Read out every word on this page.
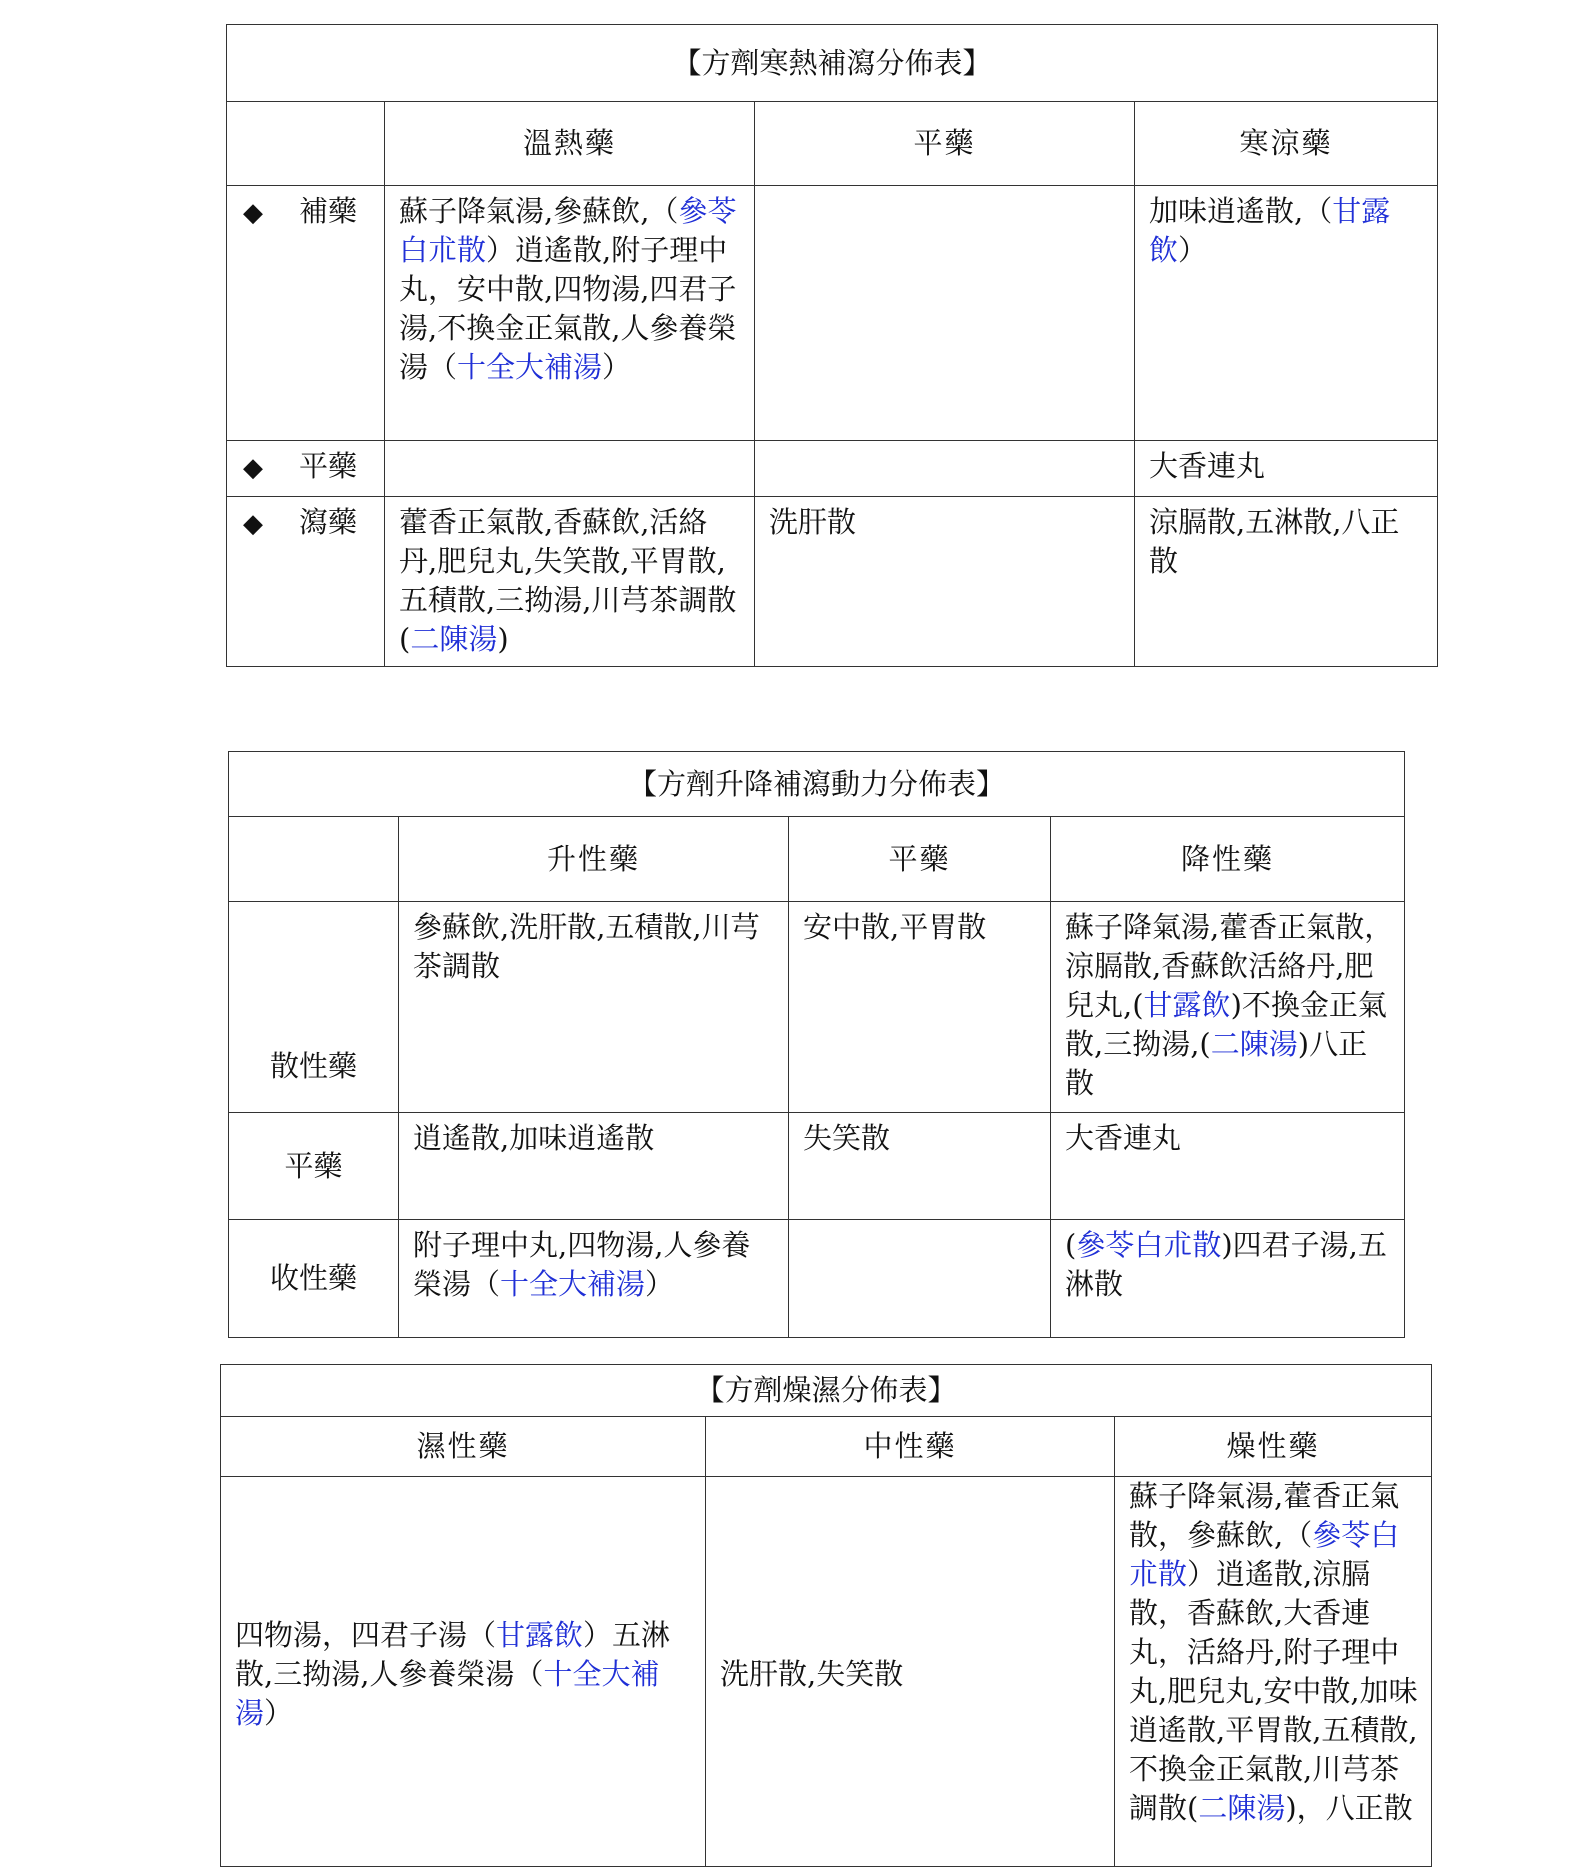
【方劑寒熱補瀉分佈表】			
	溫熱藥	平藥	寒涼藥
◆ 補藥	蘇子降氣湯,參蘇飲,（參苓白朮散）逍遙散,附子理中丸，安中散,四物湯,四君子湯,不換金正氣散,人參養榮湯（十全大補湯）		加味逍遙散,（甘露飲）
◆ 平藥			大香連丸
◆ 瀉藥	藿香正氣散,香蘇飲,活絡丹,肥兒丸,失笑散,平胃散,五積散,三拗湯,川芎茶調散(二陳湯)	洗肝散	涼膈散,五淋散,八正散
【方劑升降補瀉動力分佈表】			
	升性藥	平藥	降性藥
散性藥	參蘇飲,洗肝散,五積散,川芎茶調散	安中散,平胃散	蘇子降氣湯,藿香正氣散，涼膈散,香蘇飲活絡丹,肥兒丸,(甘露飲)不換金正氣散,三拗湯,(二陳湯)八正散
平藥	逍遙散,加味逍遙散	失笑散	大香連丸
收性藥	附子理中丸,四物湯,人參養榮湯（十全大補湯）		(參苓白朮散)四君子湯,五淋散
【方劑燥濕分佈表】		
濕性藥	中性藥	燥性藥
四物湯，四君子湯（甘露飲）五淋散,三拗湯,人參養榮湯（十全大補湯）	洗肝散,失笑散	蘇子降氣湯,藿香正氣散，參蘇飲,（參苓白朮散）逍遙散,涼膈散，香蘇飲,大香連丸，活絡丹,附子理中丸,肥兒丸,安中散,加味逍遙散,平胃散,五積散,不換金正氣散,川芎茶調散(二陳湯)，八正散
